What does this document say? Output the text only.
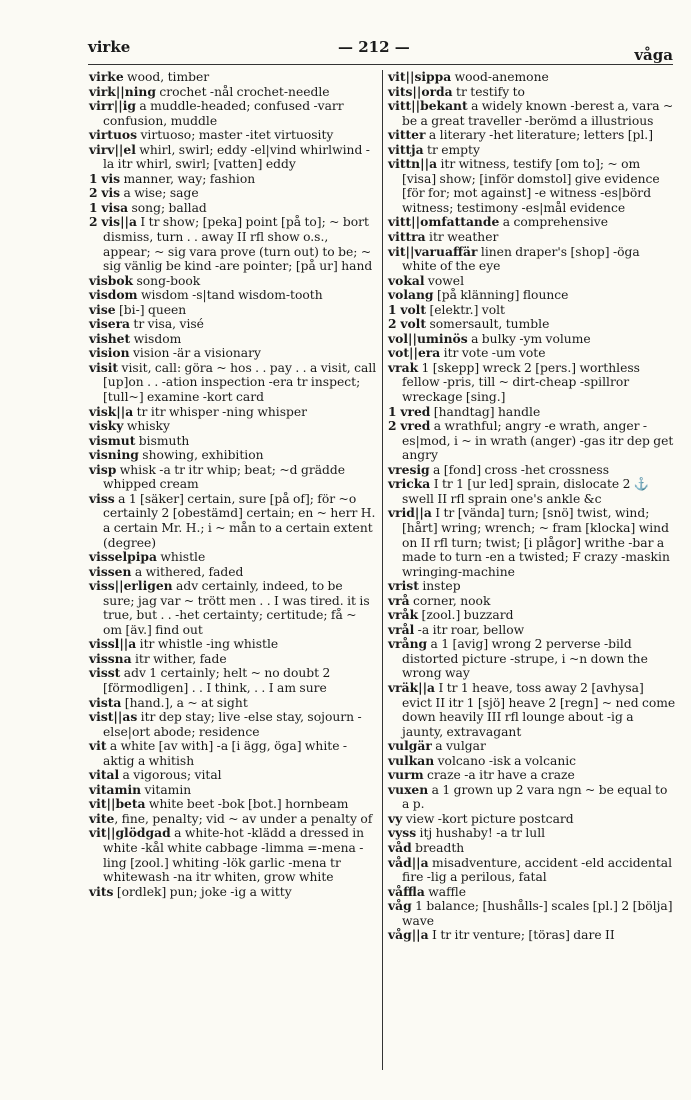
virke	— 212 —	våga
virke wood, timber
virk||ning crochet -nål crochet-needle
virr||ig a muddle-headed; confused -varr confusion, muddle
virtuos virtuoso; master -itet virtuosity
virv||el whirl, swirl; eddy -el|vind whirlwind -la itr whirl, swirl; [vatten] eddy
1 vis manner, way; fashion
2 vis a wise; sage
1 visa song; ballad
2 vis||a I tr show; [peka] point [på to]; ~ bort dismiss, turn . . away II rfl show o.s., appear; ~ sig vara prove (turn out) to be; ~ sig vänlig be kind -are pointer; [på ur] hand
visbok song-book
visdom wisdom -s|tand wisdom-tooth
vise [bi-] queen
visera tr visa, visé
vishet wisdom
vision vision -är a visionary
visit visit, call: göra ~ hos . . pay . . a visit, call [up]on . . -ation inspection -era tr inspect; [tull~] examine -kort card
visk||a tr itr whisper -ning whisper
visky whisky
vismut bismuth
visning showing, exhibition
visp whisk -a tr itr whip; beat; ~d grädde whipped cream
viss a 1 [säker] certain, sure [på of]; för ~o certainly 2 [obestämd] certain; en ~ herr H. a certain Mr. H.; i ~ mån to a certain extent (degree)
visselpipa whistle
vissen a withered, faded
viss||erligen adv certainly, indeed, to be sure; jag var ~ trött men . . I was tired. it is true, but . . -het certainty; certitude; få ~ om [äv.] find out
vissl||a itr whistle -ing whistle
vissna itr wither, fade
visst adv 1 certainly; helt ~ no doubt 2 [förmodligen] . . I think, . . I am sure
vista [hand.], a ~ at sight
vist||as itr dep stay; live -else stay, sojourn -else|ort abode; residence
vit a white [av with] -a [i ägg, öga] white -aktig a whitish
vital a vigorous; vital
vitamin vitamin
vit||beta white beet -bok [bot.] hornbeam
vite, fine, penalty; vid ~ av under a penalty of
vit||glödgad a white-hot -klädd a dressed in white -kål white cabbage -limma =-mena -ling [zool.] whiting -lök garlic -mena tr whitewash -na itr whiten, grow white
vits [ordlek] pun; joke -ig a witty
vit||sippa wood-anemone
vits||orda tr testify to
vitt||bekant a widely known -berest a, vara ~ be a great traveller -berömd a illustrious
vitter a literary -het literature; letters [pl.]
vittja tr empty
vittn||a itr witness, testify [om to]; ~ om [visa] show; [inför domstol] give evidence [för for; mot against] -e witness -es|börd witness; testimony -es|mål evidence
vitt||omfattande a comprehensive
vittra itr weather
vit||varuaffär linen draper's [shop] -öga white of the eye
vokal vowel
volang [på klänning] flounce
1 volt [elektr.] volt
2 volt somersault, tumble
vol||uminös a bulky -ym volume
vot||era itr vote -um vote
vrak 1 [skepp] wreck 2 [pers.] worthless fellow -pris, till ~ dirt-cheap -spillror wreckage [sing.]
1 vred [handtag] handle
2 vred a wrathful; angry -e wrath, anger -es|mod, i ~ in wrath (anger) -gas itr dep get angry
vresig a [fond] cross -het crossness
vricka I tr 1 [ur led] sprain, dislocate 2 ⚓ swell II rfl sprain one's ankle &c
vrid||a I tr [vända] turn; [snö] twist, wind; [hårt] wring; wrench; ~ fram [klocka] wind on II rfl turn; twist; [i plågor] writhe -bar a made to turn -en a twisted; F crazy -maskin wringing-machine
vrist instep
vrå corner, nook
vråk [zool.] buzzard
vrål -a itr roar, bellow
vrång a 1 [avig] wrong 2 perverse -bild distorted picture -strupe, i ~n down the wrong way
vräk||a I tr 1 heave, toss away 2 [avhysa] evict II itr 1 [sjö] heave 2 [regn] ~ ned come down heavily III rfl lounge about -ig a jaunty, extravagant
vulgär a vulgar
vulkan volcano -isk a volcanic
vurm craze -a itr have a craze
vuxen a 1 grown up 2 vara ngn ~ be equal to a p.
vy view -kort picture postcard
vyss itj hushaby! -a tr lull
våd breadth
våd||a misadventure, accident -eld accidental fire -lig a perilous, fatal
våffla waffle
våg 1 balance; [hushålls-] scales [pl.] 2 [bölja] wave
våg||a I tr itr venture; [töras] dare II
